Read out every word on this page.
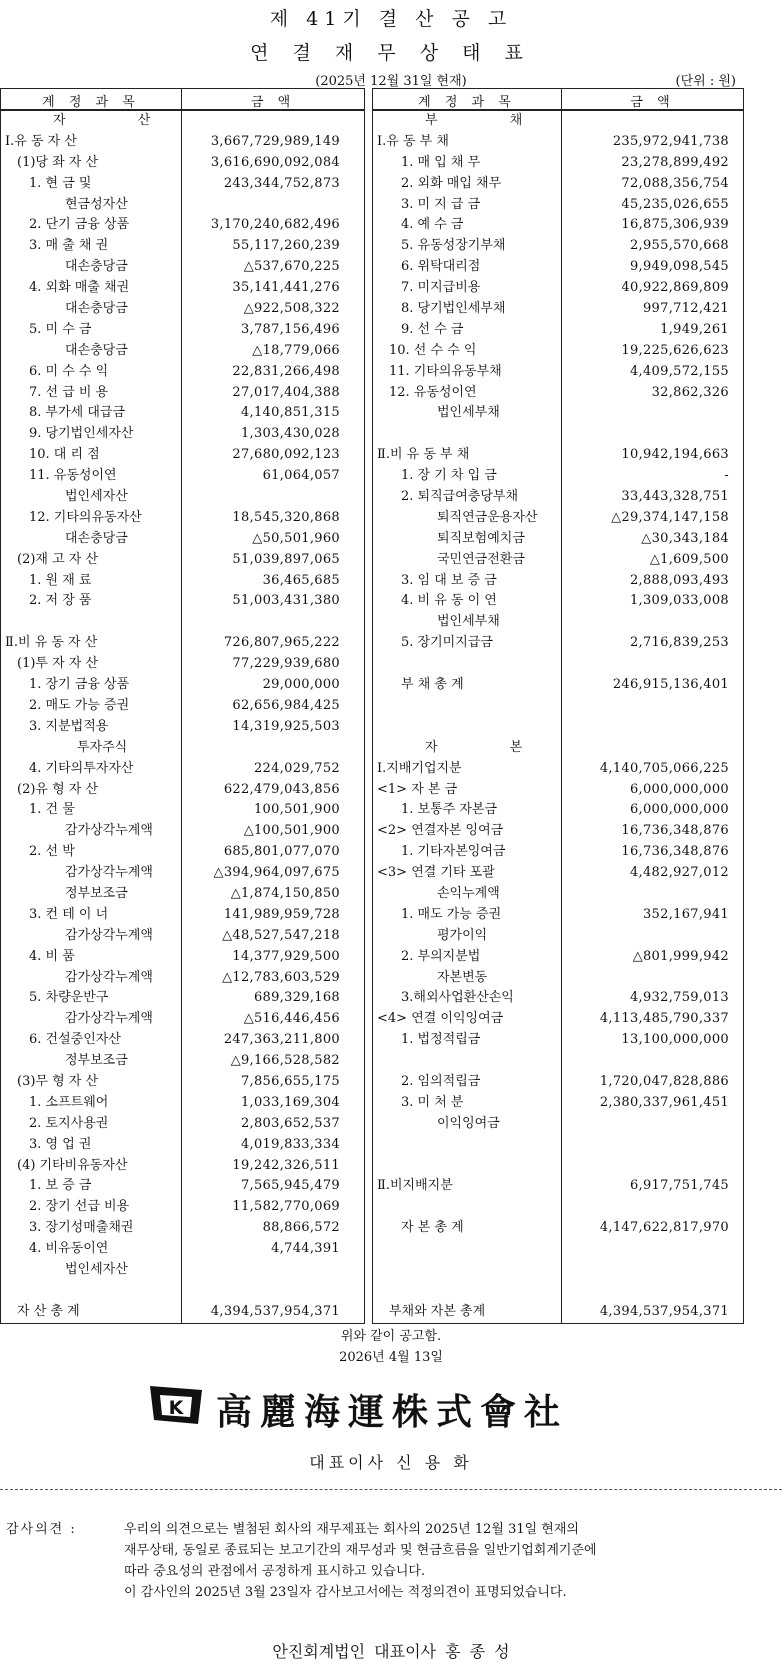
제 41기 결 산 공 고
연 결 재 무 상 태 표
(2025년 12월 31일 현재)	(단위 : 원)
계 정 과 목	금 액
자 산
Ⅰ.유 동 자 산	3,667,729,989,149
(1)당 좌 자 산	3,616,690,092,084
1. 현 금 및	243,344,752,873
현금성자산
2. 단기 금융 상품	3,170,240,682,496
3. 매 출 채 권	55,117,260,239
대손충당금	△537,670,225
4. 외화 매출 채권	35,141,441,276
대손충당금	△922,508,322
5. 미 수 금	3,787,156,496
대손충당금	△18,779,066
6. 미 수 수 익	22,831,266,498
7. 선 급 비 용	27,017,404,388
8. 부가세 대급금	4,140,851,315
9. 당기법인세자산	1,303,430,028
10. 대 리 점	27,680,092,123
11. 유동성이연	61,064,057
법인세자산
12. 기타의유동자산	18,545,320,868
대손충당금	△50,501,960
(2)재 고 자 산	51,039,897,065
1. 원 재 료	36,465,685
2. 저 장 품	51,003,431,380
Ⅱ.비 유 동 자 산	726,807,965,222
(1)투 자 자 산	77,229,939,680
1. 장기 금융 상품	29,000,000
2. 매도 가능 증권	62,656,984,425
3. 지분법적용	14,319,925,503
투자주식
4. 기타의투자자산	224,029,752
(2)유 형 자 산	622,479,043,856
1. 건 물	100,501,900
감가상각누계액	△100,501,900
2. 선 박	685,801,077,070
감가상각누계액	△394,964,097,675
정부보조금	△1,874,150,850
3. 컨 테 이 너	141,989,959,728
감가상각누계액	△48,527,547,218
4. 비 품	14,377,929,500
감가상각누계액	△12,783,603,529
5. 차량운반구	689,329,168
감가상각누계액	△516,446,456
6. 건설중인자산	247,363,211,800
정부보조금	△9,166,528,582
(3)무 형 자 산	7,856,655,175
1. 소프트웨어	1,033,169,304
2. 토지사용권	2,803,652,537
3. 영 업 권	4,019,833,334
(4) 기타비유동자산	19,242,326,511
1. 보 증 금	7,565,945,479
2. 장기 선급 비용	11,582,770,069
3. 장기성매출채권	88,866,572
4. 비유동이연	4,744,391
법인세자산
자 산 총 계	4,394,537,954,371
계 정 과 목	금 액
부 채
Ⅰ.유 동 부 채	235,972,941,738
1. 매 입 채 무	23,278,899,492
2. 외화 매입 채무	72,088,356,754
3. 미 지 급 금	45,235,026,655
4. 예 수 금	16,875,306,939
5. 유동성장기부채	2,955,570,668
6. 위탁대리점	9,949,098,545
7. 미지급비용	40,922,869,809
8. 당기법인세부채	997,712,421
9. 선 수 금	1,949,261
10. 선 수 수 익	19,225,626,623
11. 기타의유동부채	4,409,572,155
12. 유동성이연	32,862,326
법인세부채
Ⅱ.비 유 동 부 채	10,942,194,663
1. 장 기 차 입 금	-
2. 퇴직급여충당부채	33,443,328,751
퇴직연금운용자산	△29,374,147,158
퇴직보험예치금	△30,343,184
국민연금전환금	△1,609,500
3. 임 대 보 증 금	2,888,093,493
4. 비 유 동 이 연	1,309,033,008
법인세부채
5. 장기미지급금	2,716,839,253
부 채 총 계	246,915,136,401
자 본
Ⅰ.지배기업지분	4,140,705,066,225
<1> 자 본 금	6,000,000,000
1. 보통주 자본금	6,000,000,000
<2> 연결자본 잉여금	16,736,348,876
1. 기타자본잉여금	16,736,348,876
<3> 연결 기타 포괄	4,482,927,012
손익누계액
1. 매도 가능 증권	352,167,941
평가이익
2. 부의지분법	△801,999,942
자본변동
3.해외사업환산손익	4,932,759,013
<4> 연결 이익잉여금	4,113,485,790,337
1. 법정적립금	13,100,000,000
2. 임의적립금	1,720,047,828,886
3. 미 처 분	2,380,337,961,451
이익잉여금
Ⅱ.비지배지분	6,917,751,745
자 본 총 계	4,147,622,817,970
부채와 자본 총계	4,394,537,954,371
위와 같이 공고함.
2026년 4월 13일
K 高麗海運株式會社
대표이사 신 용 화
감사의견 :	우리의 의견으로는 별첨된 회사의 재무제표는 회사의 2025년 12월 31일 현재의
재무상태, 동일로 종료되는 보고기간의 재무성과 및 현금흐름을 일반기업회계기준에
따라 중요성의 관점에서 공정하게 표시하고 있습니다.
이 감사인의 2025년 3월 23일자 감사보고서에는 적정의견이 표명되었습니다.
안진회계법인 대표이사 홍 종 성
